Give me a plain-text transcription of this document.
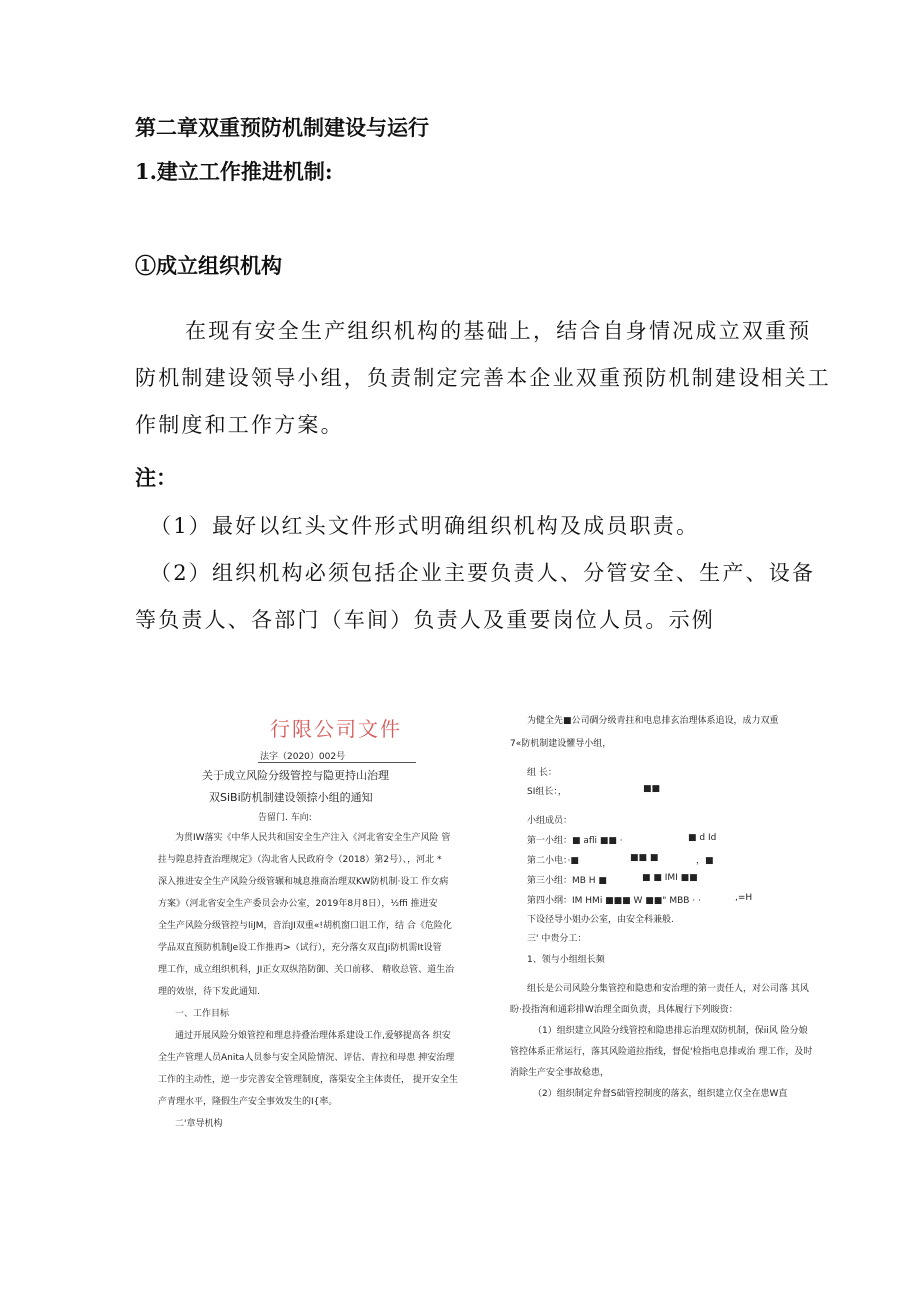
第二章双重预防机制建设与运行
1.建立工作推进机制:
①成立组织机构
在现有安全生产组织机构的基础上，结合自身情况成立双重预
防机制建设领导小组，负责制定完善本企业双重预防机制建设相关工
作制度和工作方案。
注：
（1）最好以红头文件形式明确组织机构及成员职责。
（2）组织机构必须包括企业主要负责人、分管安全、生产、设备
等负责人、各部门（车间）负责人及重要岗位人员。示例
行限公司文件
法字（2020）002号
关于成立风险分级管控与隐更持山治理
双SiBi防机制建设领捺小组的通知
告留门. 车向:
为贯IW落实《中华人民共和国安全生产注入《河北省安全生产风险 管
拄与隍息持査治理规定》（沟北省人民政府令（2018）第2号）、，河北 *
深入推进安全生产风险分级管辗和城息推商治理双KW防机制·设工 作女病
方案》（河北省安全生产委员会办公室，2019年8月8日），½ffi 推进安
全生产风险分级管控与IiJM，音治JI双重«!胡机窗口诅工作，结 合《危险化
学品双直预防机制Je设工作推再>（试行），充分落女双直Ji防机需It设管
理工作，成立组织机科，JI正女双纵箔防御、关口前移、 精收总管、道生治
理的效崇，待下发此通知.
一、工作目标
通过开展风险分娘管控和理息持叠治理体系建设工作,爱够提高各 织安
全生产管理人员Anita人员参与安全风险情況、评估、青拉和母患 抻安治理
工作的主动性，逆一步完善安全管理制度，落渠安全主体责任， 提开安全生
产青理水平，隆假生产安全事效发生的I{率。
二'章导机构
为健全先■公司碉分级青拄和电息排玄治理体系追设，成力双重
7«防机制建设懼导小组，
组 长：
SI组长：，	■■
小组成员：
第一小组：■ afli ■■ ·	■ d Id
第二小电：·■	■■ ■	，■
第三小组：MB H ■	■ ■ IMI ■■
第四小纲：IM HMi ■■■ W ■■" MBB · ·	,=H
下设径导小姐办公室，由安全科兼般.
三' 中贵分工：
1、领与小组组长频
组长是公司风险分集管控和隐患和安治理的第一责任人，对公司落 其风
盼·投指洵和通彩排W治理全面负责，具体履行下列睃资：
（1）组织建立风险分线管控和隐患排忘治理双防机制，保ii风 险分娘
管控体系正常运行，落其风险道拉指线，督促'检指电息排或治 理工作，及时
消除生产安全事故稔患，
（2）组织制定弁督S础管控制度的落玄，组织建立仅全在患W直
